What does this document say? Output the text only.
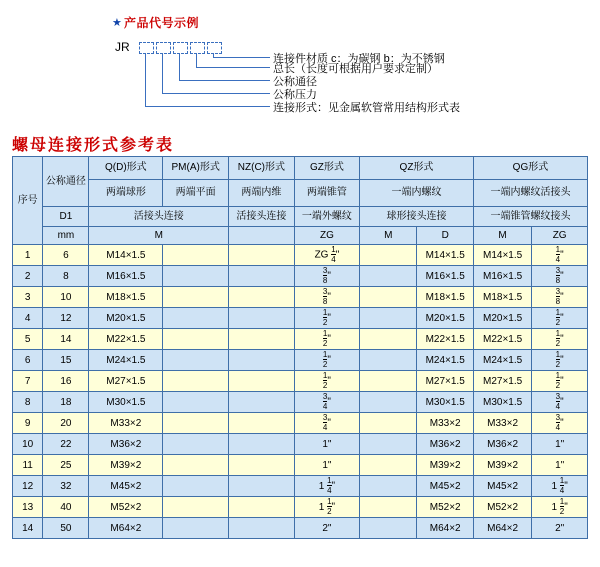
★ 产品代号示例
JR
连接件材质 c：为碳钢 b：为不锈钢
总长（长度可根据用户要求定制）
公称通径
公称压力
连接形式：见金属软管常用结构形式表
螺母连接形式参考表
序号	公称通径	Q(D)形式	PM(A)形式	NZ(C)形式	GZ形式	QZ形式		QG形式	
		两端球形	两端平面	两端内维	两端锥管	一端内螺纹		一端内螺纹活接头	
	D1	活接头连接		活接头连接	一端外螺纹	球形接头连接		一端锥管螺纹接头	
	mm	M			ZG	M	D	M	ZG
1	6	M14×1.5			ZG $\frac{1}{4}$ "		M14×1.5	M14×1.5	$\frac{1}{4}$ "
2	8	M16×1.5			$\frac{3}{8}$ "		M16×1.5	M16×1.5	$\frac{3}{8}$ "
3	10	M18×1.5			$\frac{3}{8}$ "		M18×1.5	M18×1.5	$\frac{3}{8}$ "
4	12	M20×1.5			$\frac{1}{2}$ "		M20×1.5	M20×1.5	$\frac{1}{2}$ "
5	14	M22×1.5			$\frac{1}{2}$ "		M22×1.5	M22×1.5	$\frac{1}{2}$ "
6	15	M24×1.5			$\frac{1}{2}$ "		M24×1.5	M24×1.5	$\frac{1}{2}$ "
7	16	M27×1.5			$\frac{1}{2}$ "		M27×1.5	M27×1.5	$\frac{1}{2}$ "
8	18	M30×1.5			$\frac{3}{4}$ "		M30×1.5	M30×1.5	$\frac{3}{4}$ "
9	20	M33×2			$\frac{3}{4}$ "		M33×2	M33×2	$\frac{3}{4}$ "
10	22	M36×2			1"		M36×2	M36×2	1"
11	25	M39×2			1"		M39×2	M39×2	1"
12	32	M45×2			$1 \frac{1}{4}$ "		M45×2	M45×2	$1 \frac{1}{4}$ "
13	40	M52×2			$1 \frac{1}{2}$ "		M52×2	M52×2	$1 \frac{1}{2}$ "
14	50	M64×2			2"		M64×2	M64×2	2"
